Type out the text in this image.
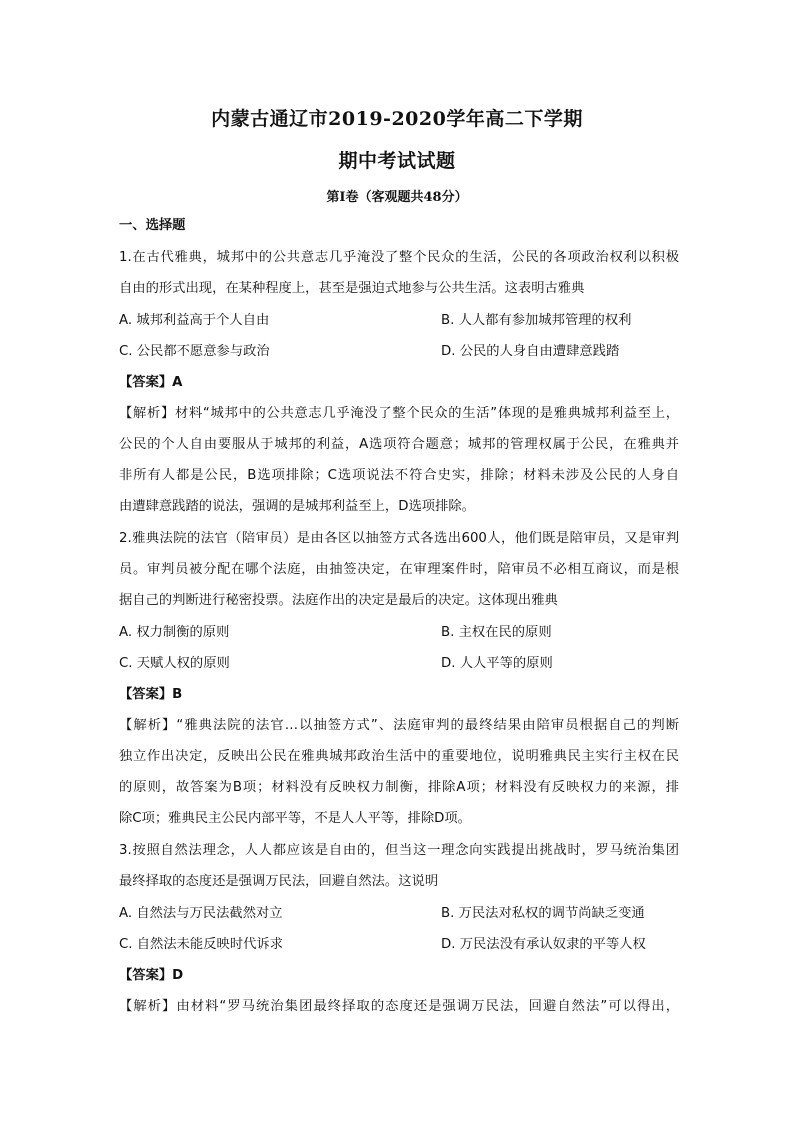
内蒙古通辽市2019-2020学年高二下学期
期中考试试题
第I卷（客观题共48分）
一、选择题
1.在古代雅典，城邦中的公共意志几乎淹没了整个民众的生活，公民的各项政治权利以积极
自由的形式出现，在某种程度上，甚至是强迫式地参与公共生活。这表明古雅典
A. 城邦利益高于个人自由	B. 人人都有参加城邦管理的权利
C. 公民都不愿意参与政治	D. 公民的人身自由遭肆意践踏
【答案】A
【解析】材料“城邦中的公共意志几乎淹没了整个民众的生活”体现的是雅典城邦利益至上，
公民的个人自由要服从于城邦的利益，A选项符合题意；城邦的管理权属于公民，在雅典并
非所有人都是公民，B选项排除；C选项说法不符合史实，排除；材料未涉及公民的人身自
由遭肆意践踏的说法，强调的是城邦利益至上，D选项排除。
2.雅典法院的法官（陪审员）是由各区以抽签方式各选出600人，他们既是陪审员，又是审判
员。审判员被分配在哪个法庭，由抽签决定，在审理案件时，陪审员不必相互商议，而是根
据自己的判断进行秘密投票。法庭作出的决定是最后的决定。这体现出雅典
A. 权力制衡的原则	B. 主权在民的原则
C. 天赋人权的原则	D. 人人平等的原则
【答案】B
【解析】“雅典法院的法官…以抽签方式”、法庭审判的最终结果由陪审员根据自己的判断
独立作出决定，反映出公民在雅典城邦政治生活中的重要地位，说明雅典民主实行主权在民
的原则，故答案为B项；材料没有反映权力制衡，排除A项；材料没有反映权力的来源，排
除C项；雅典民主公民内部平等，不是人人平等，排除D项。
3.按照自然法理念，人人都应该是自由的，但当这一理念向实践提出挑战时，罗马统治集团
最终择取的态度还是强调万民法，回避自然法。这说明
A. 自然法与万民法截然对立	B. 万民法对私权的调节尚缺乏变通
C. 自然法未能反映时代诉求	D. 万民法没有承认奴隶的平等人权
【答案】D
【解析】由材料“罗马统治集团最终择取的态度还是强调万民法，回避自然法”可以得出，
